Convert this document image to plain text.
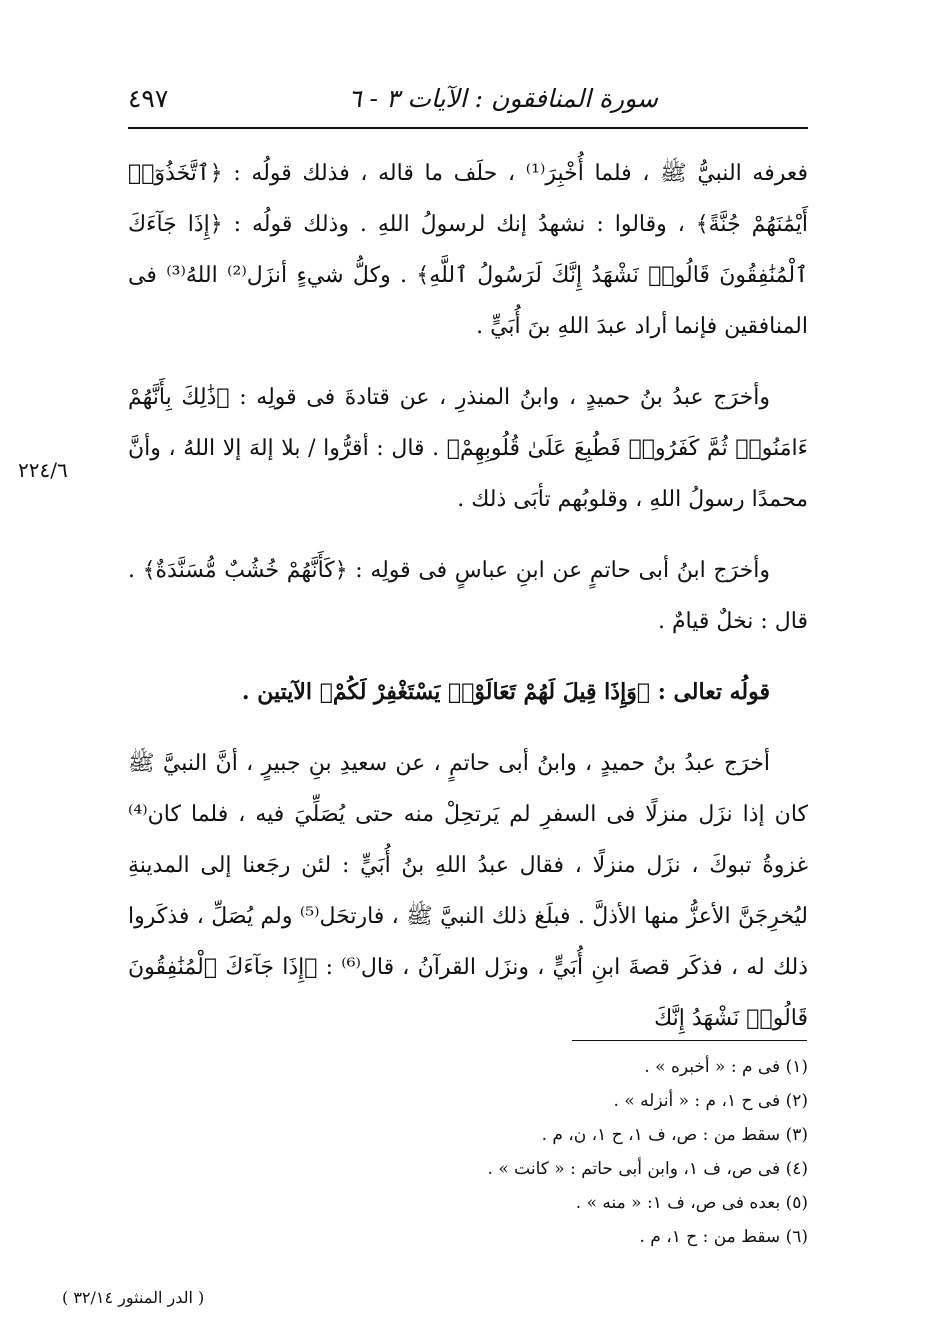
سورة المنافقون : الآيات ٣ - ٦
٤٩٧

فعرفه النبيُّ ﷺ ، فلما أُخْبِرَ⁽¹⁾ ، حلَف ما قاله ، فذلك قولُه : ﴿ٱتَّخَذُوٓا۟ أَيْمَٰنَهُمْ جُنَّةً﴾ ، وقالوا : نشهدُ إنك لرسولُ اللهِ . وذلك قولُه : ﴿إِذَا جَآءَكَ ٱلْمُنَٰفِقُونَ قَالُوا۟ نَشْهَدُ إِنَّكَ لَرَسُولُ ٱللَّهِ﴾ . وكلُّ شيءٍ أنزَل⁽²⁾ اللهُ⁽³⁾ فى المنافقين فإنما أراد عبدَ اللهِ بنَ أُبَيٍّ .

وأخرَج عبدُ بنُ حميدٍ ، وابنُ المنذرِ ، عن قتادةَ فى قولِه : ﴿ذَٰلِكَ بِأَنَّهُمْ ءَامَنُوا۟ ثُمَّ كَفَرُوا۟ فَطُبِعَ عَلَىٰ قُلُوبِهِمْ﴾ . قال : أقرُّوا / بلا إلهَ إلا اللهُ ، وأنَّ محمدًا رسولُ اللهِ ، وقلوبُهم تأبَى ذلك .

وأخرَج ابنُ أبى حاتمٍ عن ابنِ عباسٍ فى قولِه : ﴿كَأَنَّهُمْ خُشُبٌ مُّسَنَّدَةٌ﴾ . قال : نخلٌ قيامٌ .

قولُه تعالى : ﴿وَإِذَا قِيلَ لَهُمْ تَعَالَوْا۟ يَسْتَغْفِرْ لَكُمْ﴾ الآيتين .

أخرَج عبدُ بنُ حميدٍ ، وابنُ أبى حاتمٍ ، عن سعيدِ بنِ جبيرٍ ، أنَّ النبيَّ ﷺ كان إذا نزَل منزلًا فى السفرِ لم يَرتحِلْ منه حتى يُصَلِّيَ فيه ، فلما كان⁽⁴⁾ غزوةُ تبوكَ ، نزَل منزلًا ، فقال عبدُ اللهِ بنُ أُبَيٍّ : لئن رجَعنا إلى المدينةِ ليُخرِجَنَّ الأعزُّ منها الأذلَّ . فبلَغ ذلك النبيَّ ﷺ ، فارتحَل⁽⁵⁾ ولم يُصَلِّ ، فذكَروا ذلك له ، فذكَر قصةَ ابنِ أُبَيٍّ ، ونزَل القرآنُ ، قال⁽⁶⁾ : ﴿إِذَا جَآءَكَ ٱلْمُنَٰفِقُونَ قَالُوا۟ نَشْهَدُ إِنَّكَ

٢٢٤/٦

(١) فى م : « أخبره » .

(٢) فى ح ١، م : « أنزله » .

(٣) سقط من : ص، ف ١، ح ١، ن، م .

(٤) فى ص، ف ١، وابن أبى حاتم : « كانت » .

(٥) بعده فى ص، ف ١: « منه » .

(٦) سقط من : ح ١، م .

( الدر المنثور ٣٢/١٤ )
